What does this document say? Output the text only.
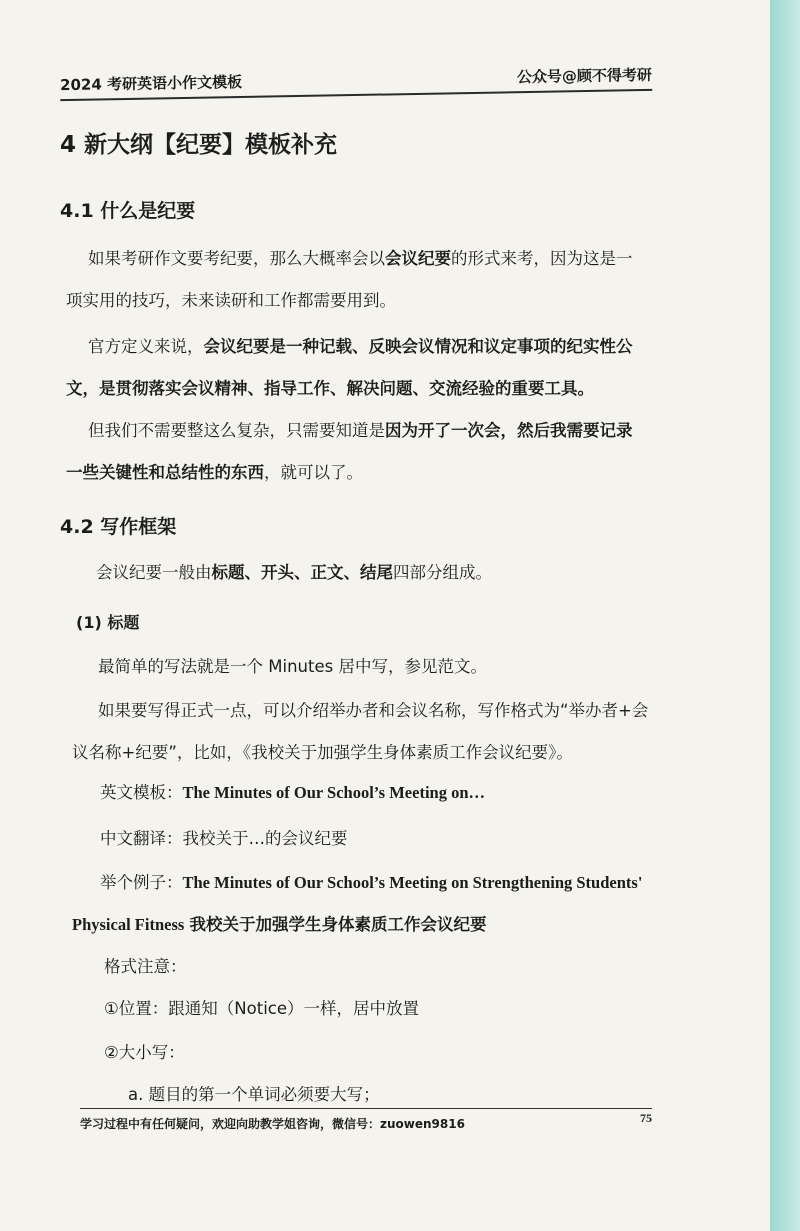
2024 考研英语小作文模板	公众号@顾不得考研
4 新大纲【纪要】模板补充
4.1 什么是纪要
如果考研作文要考纪要，那么大概率会以会议纪要的形式来考，因为这是一
项实用的技巧，未来读研和工作都需要用到。
官方定义来说，会议纪要是一种记载、反映会议情况和议定事项的纪实性公
文，是贯彻落实会议精神、指导工作、解决问题、交流经验的重要工具。
但我们不需要整这么复杂，只需要知道是因为开了一次会，然后我需要记录
一些关键性和总结性的东西，就可以了。
4.2 写作框架
会议纪要一般由标题、开头、正文、结尾四部分组成。
(1) 标题
最简单的写法就是一个 Minutes 居中写，参见范文。
如果要写得正式一点，可以介绍举办者和会议名称，写作格式为“举办者+会
议名称+纪要”，比如，《我校关于加强学生身体素质工作会议纪要》。
英文模板：The Minutes of Our School’s Meeting on…
中文翻译：我校关于…的会议纪要
举个例子：The Minutes of Our School’s Meeting on Strengthening Students'
Physical Fitness 我校关于加强学生身体素质工作会议纪要
格式注意：
①位置：跟通知（Notice）一样，居中放置
②大小写：
a. 题目的第一个单词必须要大写；
学习过程中有任何疑问，欢迎向助教学姐咨询，微信号：zuowen9816	75
